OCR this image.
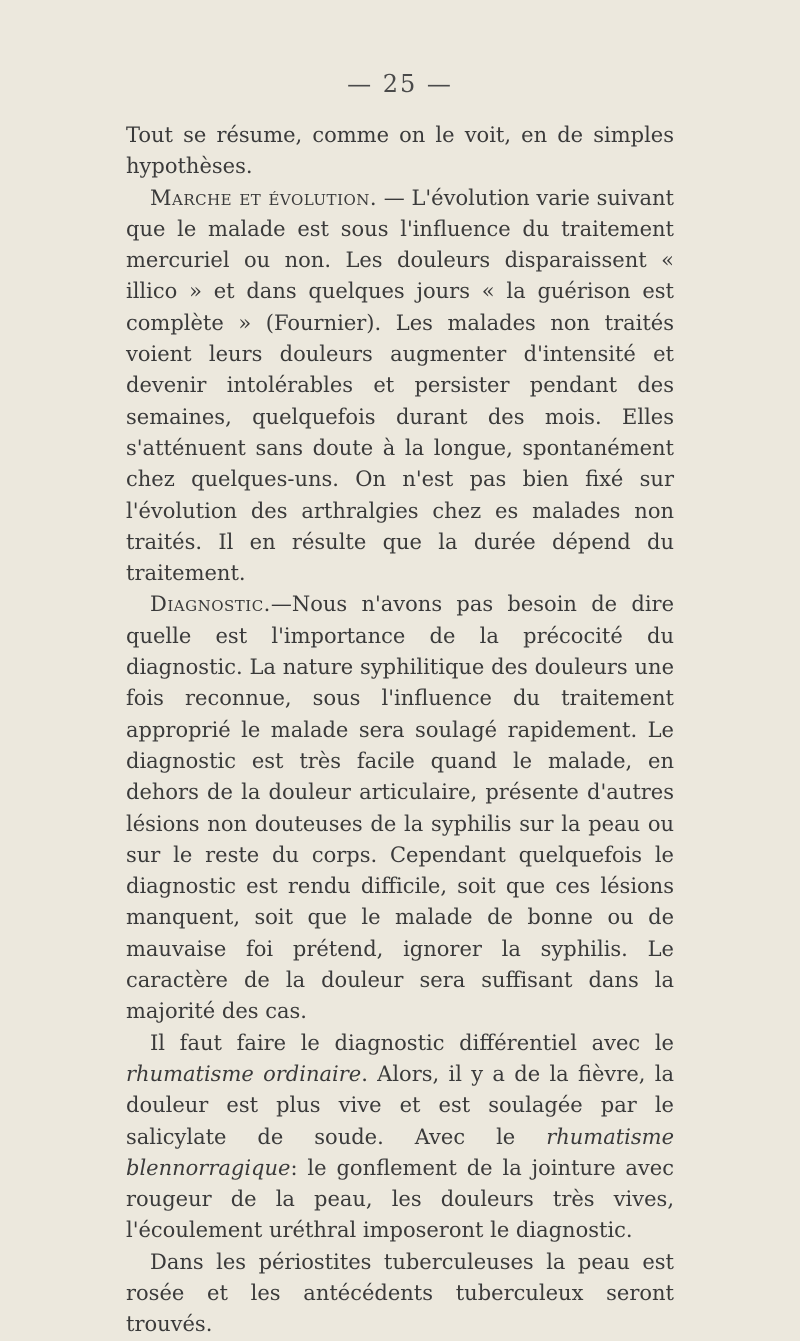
— 25 —

Tout se résume, comme on le voit, en de simples hypothèses.

Marche et évolution. — L'évolution varie suivant que le malade est sous l'influence du traitement mercuriel ou non. Les douleurs disparaissent « illico » et dans quelques jours « la guérison est complète » (Fournier). Les malades non traités voient leurs douleurs augmenter d'intensité et devenir intolérables et persister pendant des semaines, quelquefois durant des mois. Elles s'atténuent sans doute à la longue, spontanément chez quelques-uns. On n'est pas bien fixé sur l'évolution des arthralgies chez es malades non traités. Il en résulte que la durée dépend du traitement.

Diagnostic.—Nous n'avons pas besoin de dire quelle est l'importance de la précocité du diagnostic. La nature syphilitique des douleurs une fois reconnue, sous l'influence du traitement approprié le malade sera soulagé rapidement. Le diagnostic est très facile quand le malade, en dehors de la douleur articulaire, présente d'autres lésions non douteuses de la syphilis sur la peau ou sur le reste du corps. Cependant quelquefois le diagnostic est rendu difficile, soit que ces lésions manquent, soit que le malade de bonne ou de mauvaise foi prétend, ignorer la syphilis. Le caractère de la douleur sera suffisant dans la majorité des cas.

Il faut faire le diagnostic différentiel avec le rhumatisme ordinaire. Alors, il y a de la fièvre, la douleur est plus vive et est soulagée par le salicylate de soude. Avec le rhumatisme blennorragique: le gonflement de la jointure avec rougeur de la peau, les douleurs très vives, l'écoulement uréthral imposeront le diagnostic.

Dans les périostites tuberculeuses la peau est rosée et les antécédents tuberculeux seront trouvés.
